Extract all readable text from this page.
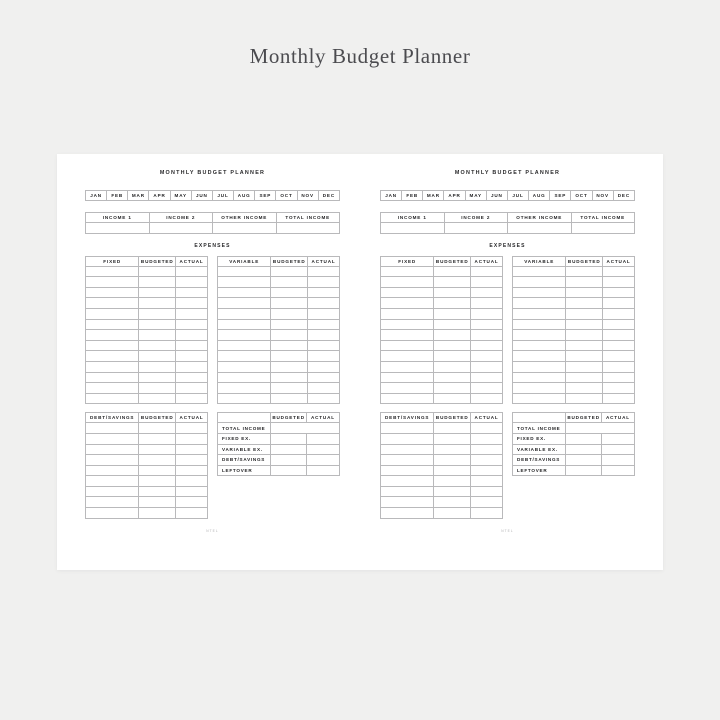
Monthly Budget Planner
MONTHLY BUDGET PLANNER
JAN	FEB	MAR	APR	MAY	JUN	JUL	AUG	SEP	OCT	NOV	DEC
INCOME 1	INCOME 2	OTHER INCOME	TOTAL INCOME

EXPENSES
FIXED	BUDGETED	ACTUAL

			VARIABLE	BUDGETED	ACTUAL

DEBT/SAVINGS	BUDGETED	ACTUAL

		BUDGETED	ACTUAL
TOTAL INCOME		
FIXED EX.		
VARIABLE EX.		
DEBT/SAVINGS		
LEFTOVER		
NTEL
MONTHLY BUDGET PLANNER
JAN	FEB	MAR	APR	MAY	JUN	JUL	AUG	SEP	OCT	NOV	DEC
INCOME 1	INCOME 2	OTHER INCOME	TOTAL INCOME

EXPENSES
FIXED	BUDGETED	ACTUAL

			VARIABLE	BUDGETED	ACTUAL

DEBT/SAVINGS	BUDGETED	ACTUAL

		BUDGETED	ACTUAL
TOTAL INCOME		
FIXED EX.		
VARIABLE EX.		
DEBT/SAVINGS		
LEFTOVER		
NTEL
